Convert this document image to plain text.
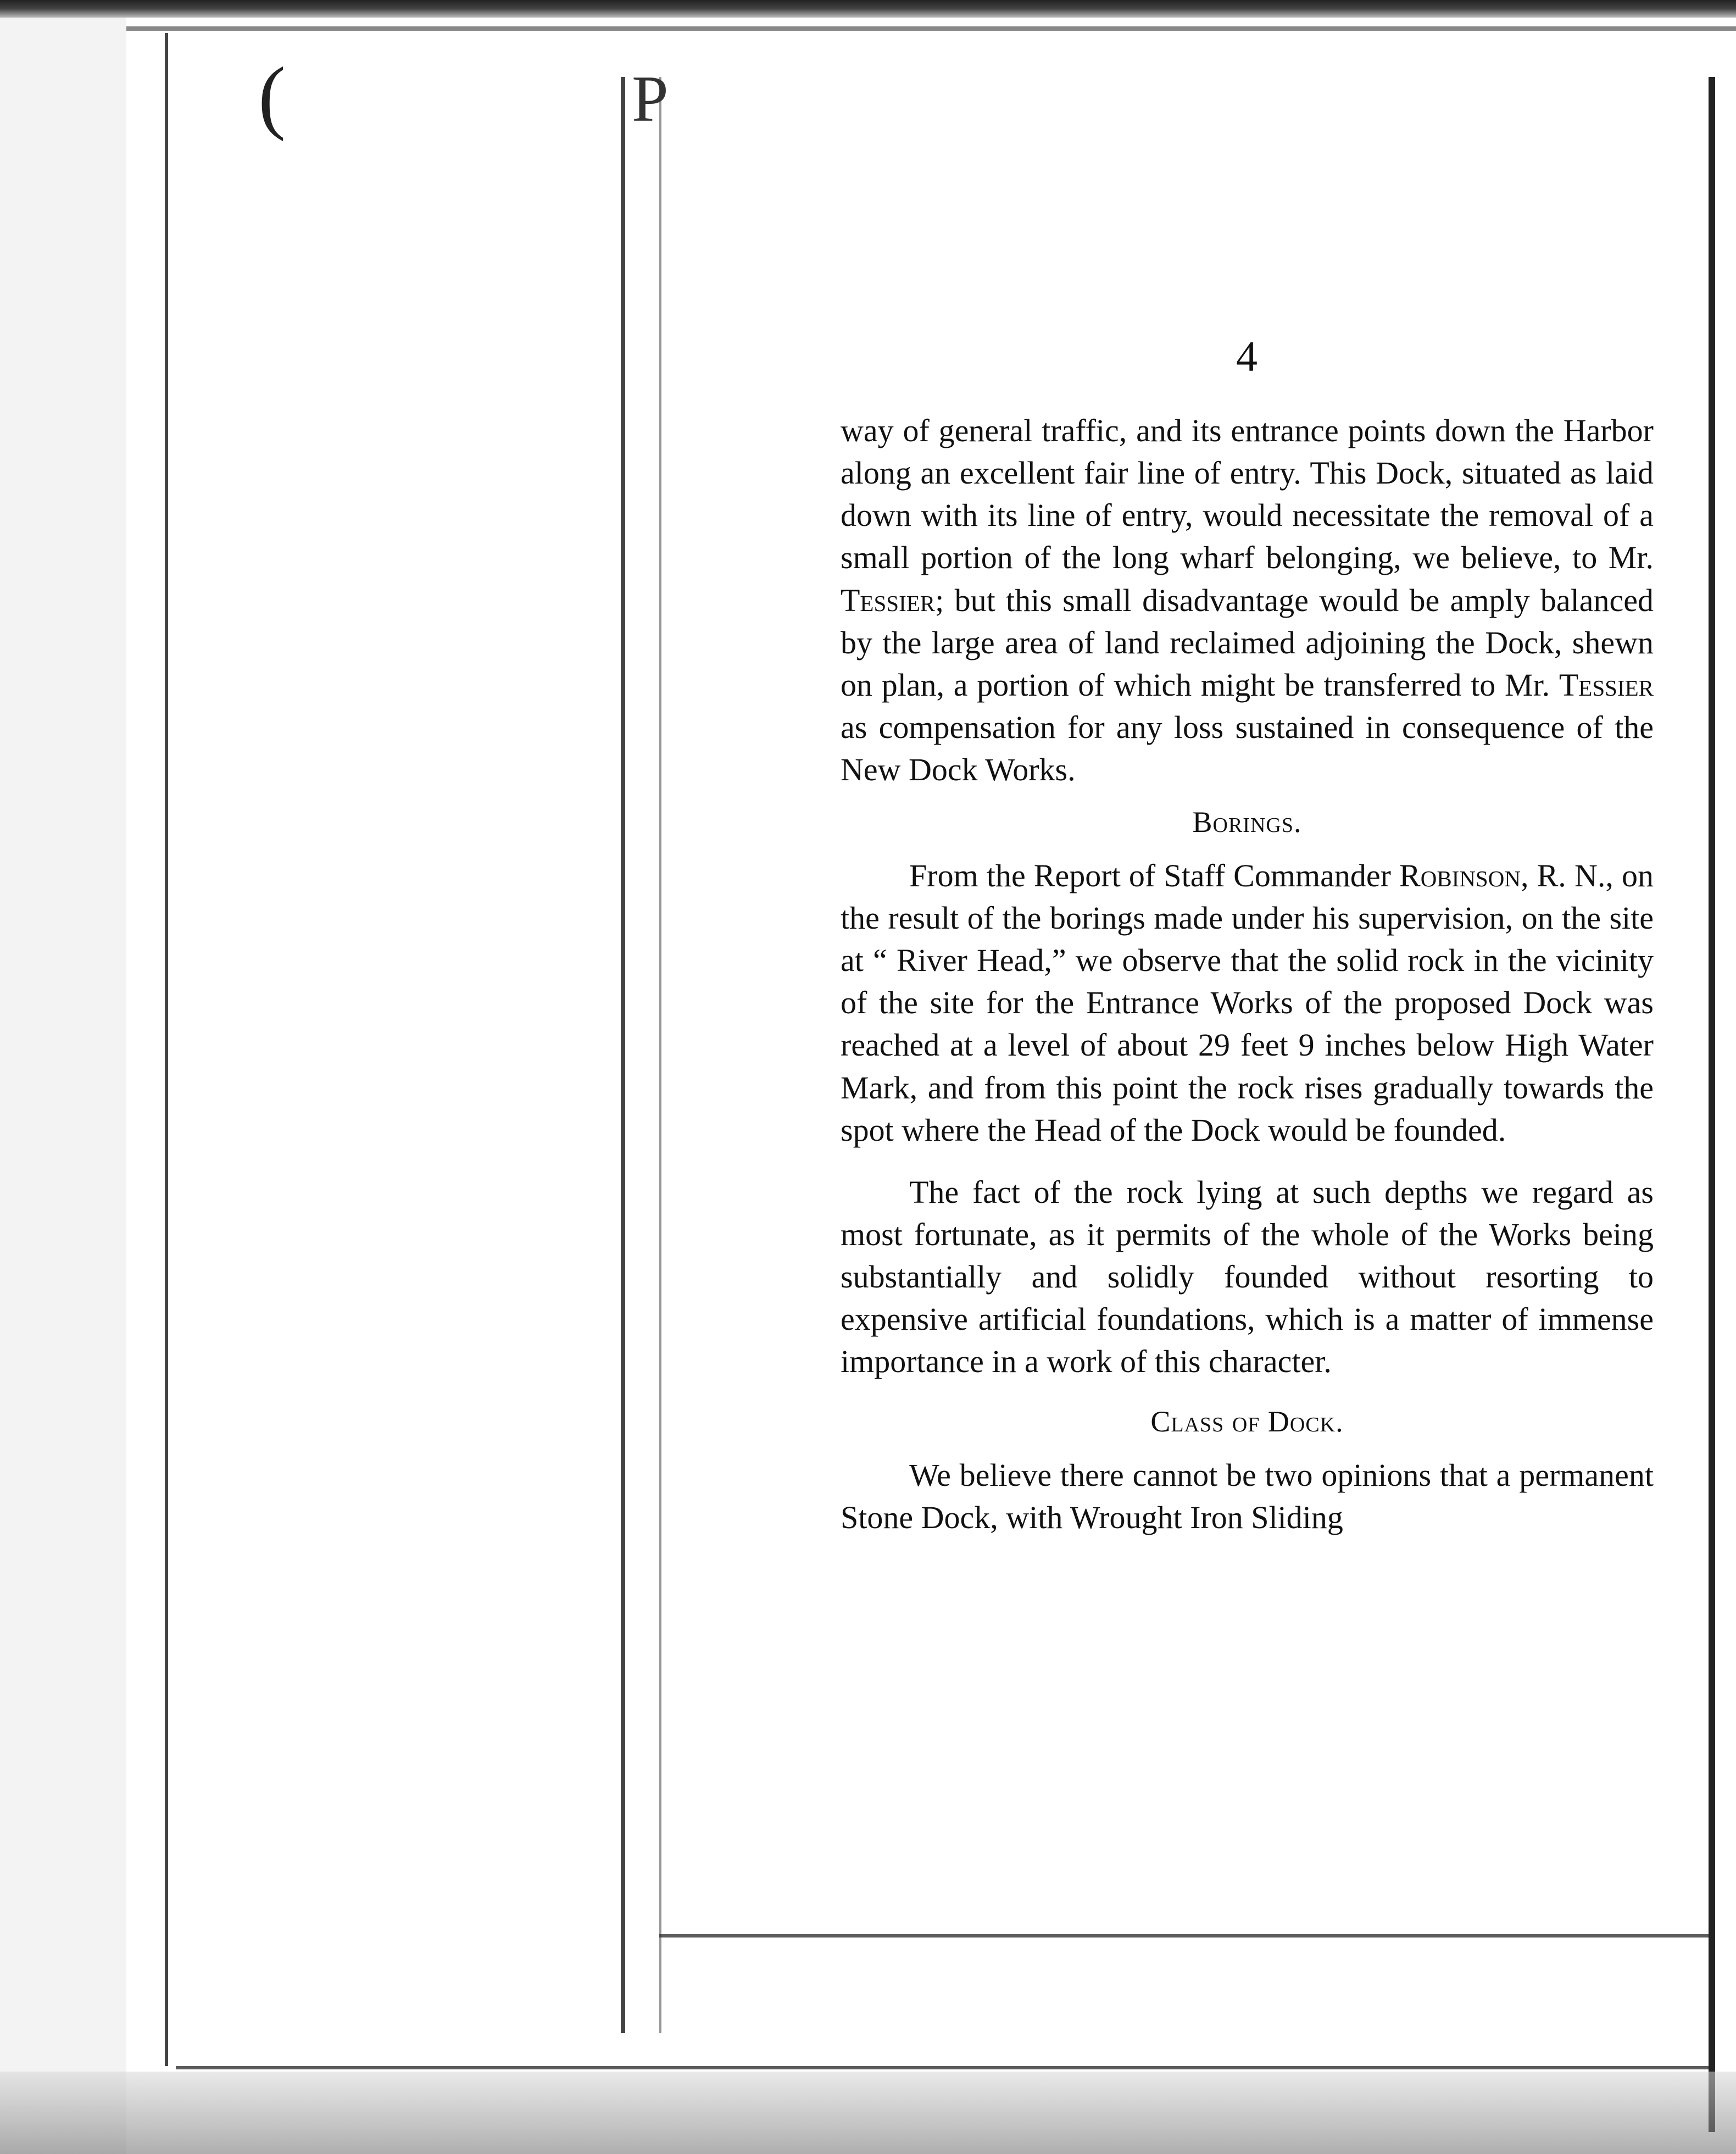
(	P
4

way of general traffic, and its entrance points down the Harbor along an excellent fair line of entry. This Dock, situated as laid down with its line of entry, would necessitate the removal of a small portion of the long wharf belonging, we believe, to Mr. Tessier; but this small disadvantage would be amply balanced by the large area of land reclaimed adjoining the Dock, shewn on plan, a portion of which might be transferred to Mr. Tessier as compensation for any loss sustained in consequence of the New Dock Works.

Borings.

From the Report of Staff Commander Robinson, R. N., on the result of the borings made under his supervision, on the site at “ River Head,” we observe that the solid rock in the vicinity of the site for the Entrance Works of the proposed Dock was reached at a level of about 29 feet 9 inches below High Water Mark, and from this point the rock rises gradually towards the spot where the Head of the Dock would be founded.

The fact of the rock lying at such depths we regard as most fortunate, as it permits of the whole of the Works being substantially and solidly founded without resorting to expensive artificial foundations, which is a matter of immense importance in a work of this character.

Class of Dock.

We believe there cannot be two opinions that a permanent Stone Dock, with Wrought Iron Sliding
